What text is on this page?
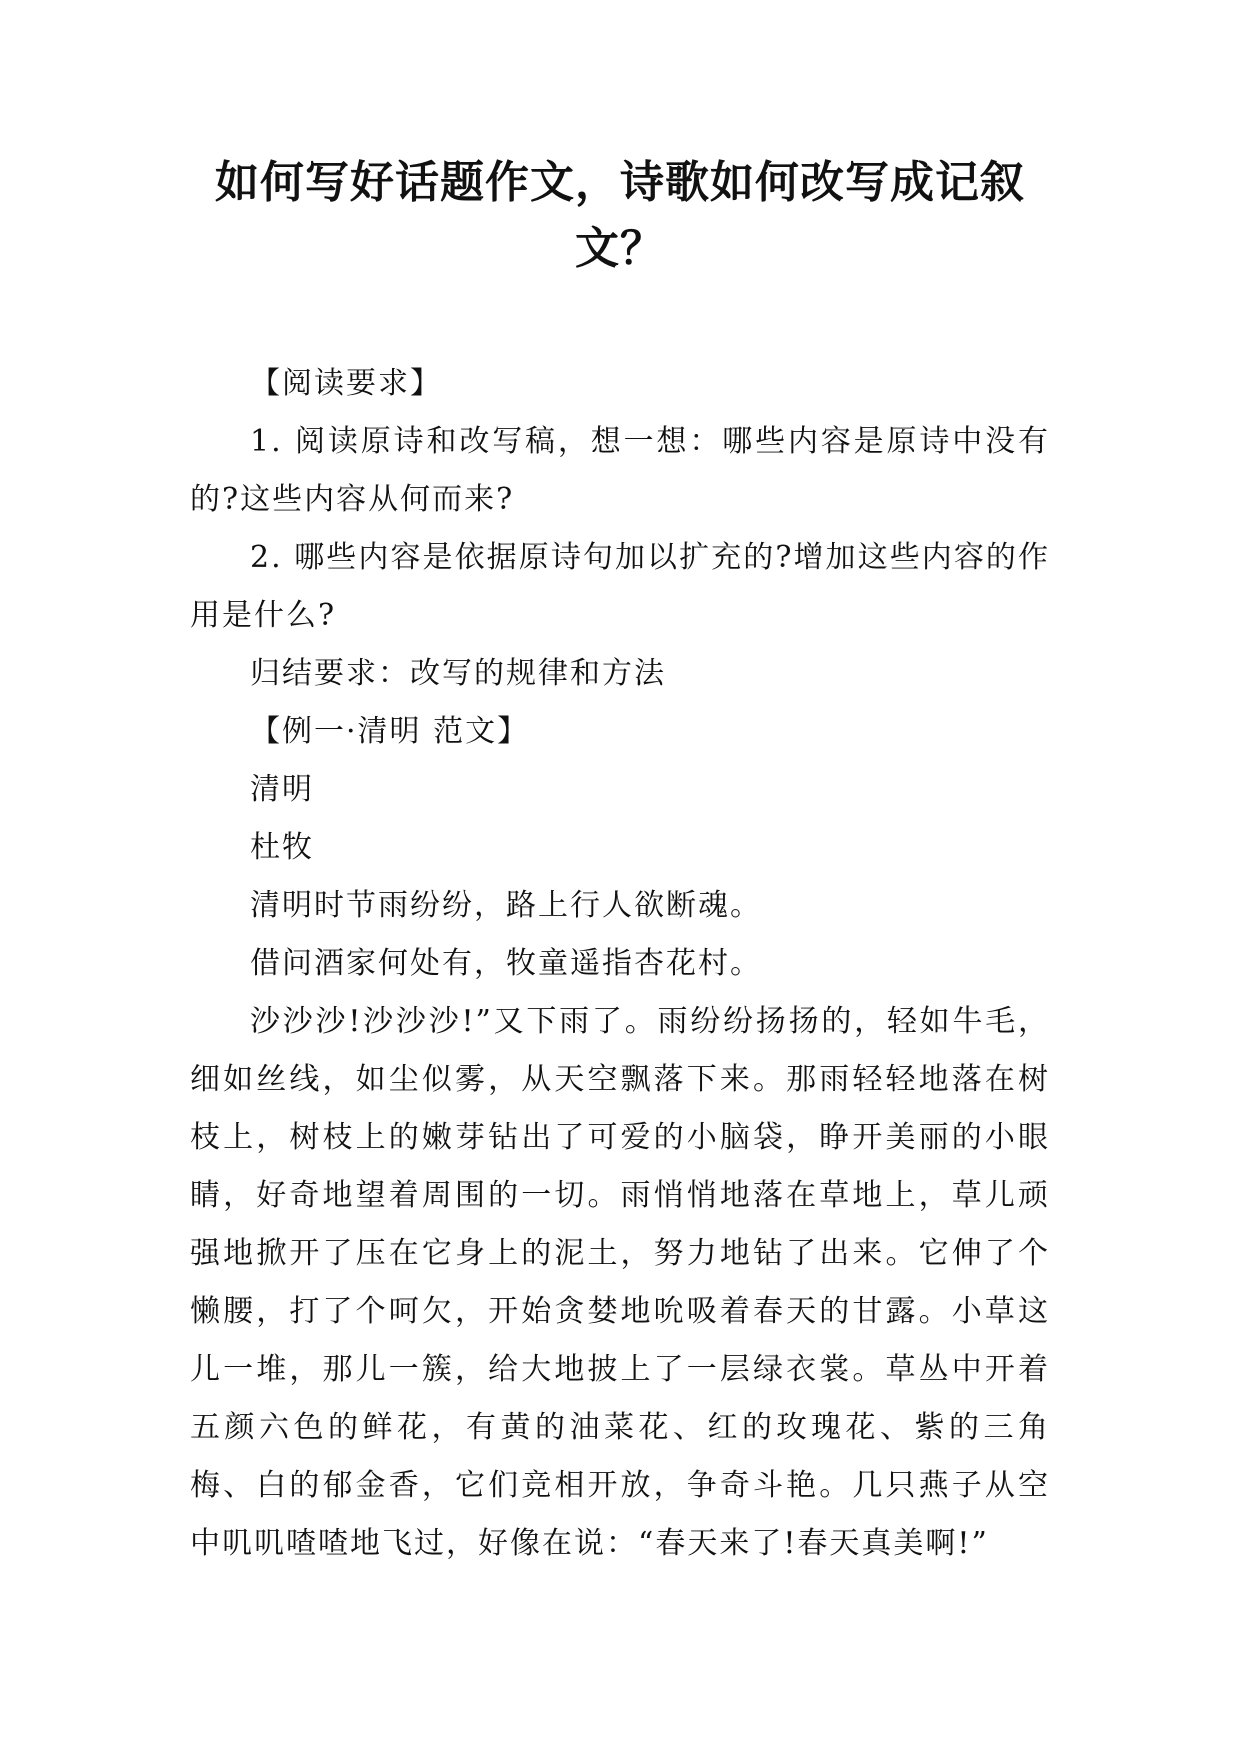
如何写好话题作文，诗歌如何改写成记叙文？

【阅读要求】

1. 阅读原诗和改写稿，想一想：哪些内容是原诗中没有的?这些内容从何而来?

2. 哪些内容是依据原诗句加以扩充的?增加这些内容的作用是什么?

归结要求：改写的规律和方法

【例一·清明 范文】

清明

杜牧

清明时节雨纷纷，路上行人欲断魂。

借问酒家何处有，牧童遥指杏花村。

沙沙沙!沙沙沙!”又下雨了。雨纷纷扬扬的，轻如牛毛，细如丝线，如尘似雾，从天空飘落下来。那雨轻轻地落在树枝上，树枝上的嫩芽钻出了可爱的小脑袋，睁开美丽的小眼睛，好奇地望着周围的一切。雨悄悄地落在草地上，草儿顽强地掀开了压在它身上的泥土，努力地钻了出来。它伸了个懒腰，打了个呵欠，开始贪婪地吮吸着春天的甘露。小草这儿一堆，那儿一簇，给大地披上了一层绿衣裳。草丛中开着五颜六色的鲜花，有黄的油菜花、红的玫瑰花、紫的三角梅、白的郁金香，它们竞相开放，争奇斗艳。几只燕子从空中叽叽喳喳地飞过，好像在说：“春天来了!春天真美啊!”
